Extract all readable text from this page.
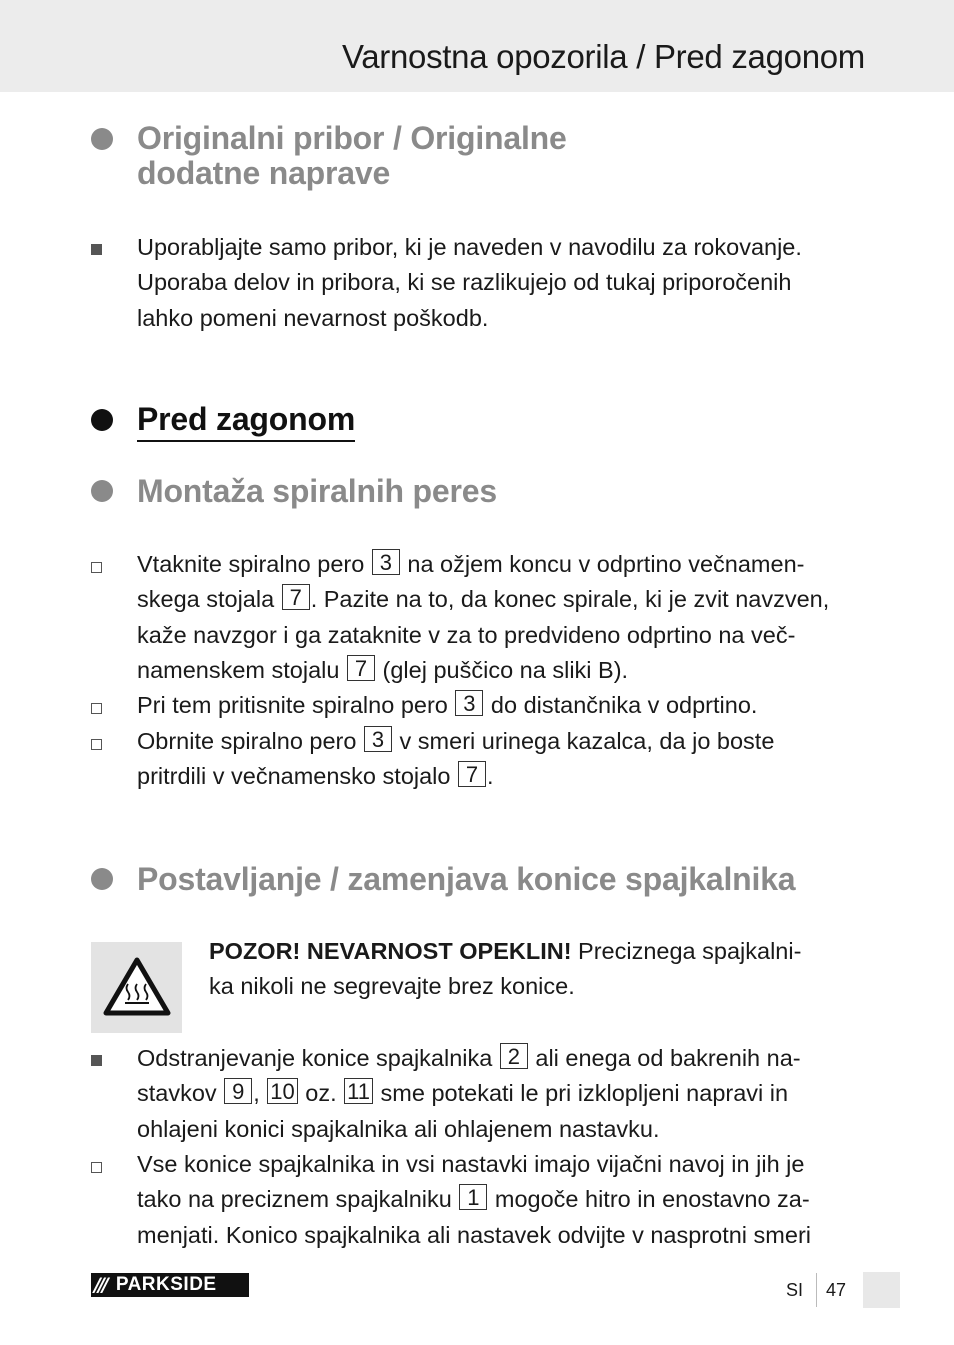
Varnostna opozorila / Pred zagonom
Originalni pribor / Originalne
dodatne naprave
Uporabljajte samo pribor, ki je naveden v navodilu za rokovanje.
Uporaba delov in pribora, ki se razlikujejo od tukaj priporočenih
lahko pomeni nevarnost poškodb.
Pred zagonom
Montaža spiralnih peres
Vtaknite spiralno pero 3 na ožjem koncu v odprtino večnamen-
skega stojala 7 . Pazite na to, da konec spirale, ki je zvit navzven,
kaže navzgor i ga zataknite v za to predvideno odprtino na več-
namenskem stojalu 7 (glej puščico na sliki B).
Pri tem pritisnite spiralno pero 3 do distančnika v odprtino.
Obrnite spiralno pero 3 v smeri urinega kazalca, da jo boste
pritrdili v večnamensko stojalo 7 .
Postavljanje / zamenjava konice spajkalnika
POZOR! NEVARNOST OPEKLIN! Preciznega spajkalni-
ka nikoli ne segrevajte brez konice.
Odstranjevanje konice spajkalnika 2 ali enega od bakrenih na-
stavkov 9 , 10 oz. 11 sme potekati le pri izklopljeni napravi in
ohlajeni konici spajkalnika ali ohlajenem nastavku.
Vse konice spajkalnika in vsi nastavki imajo vijačni navoj in jih je
tako na preciznem spajkalniku 1 mogoče hitro in enostavno za-
menjati. Konico spajkalnika ali nastavek odvijte v nasprotni smeri
/// PARKSIDE	SI 47
